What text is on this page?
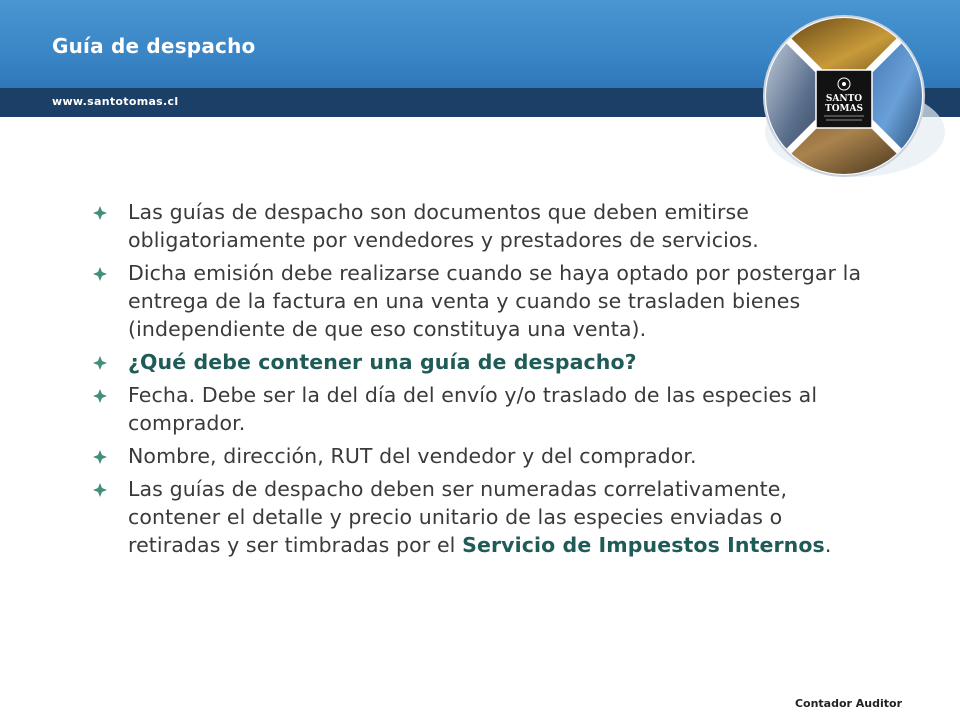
Guía de despacho
www.santotomas.cl	SANTO
TOMAS
Las guías de despacho son documentos que deben emitirse obligatoriamente por vendedores y prestadores de servicios.
Dicha emisión debe realizarse cuando se haya optado por postergar la entrega de la factura en una venta y cuando se trasladen bienes (independiente de que eso constituya una venta).
¿Qué debe contener una guía de despacho?
Fecha. Debe ser la del día del envío y/o traslado de las especies al comprador.
Nombre, dirección, RUT del vendedor y del comprador.
Las guías de despacho deben ser numeradas correlativamente, contener el detalle y precio unitario de las especies enviadas o retiradas y ser timbradas por el Servicio de Impuestos Internos.
Contador Auditor
